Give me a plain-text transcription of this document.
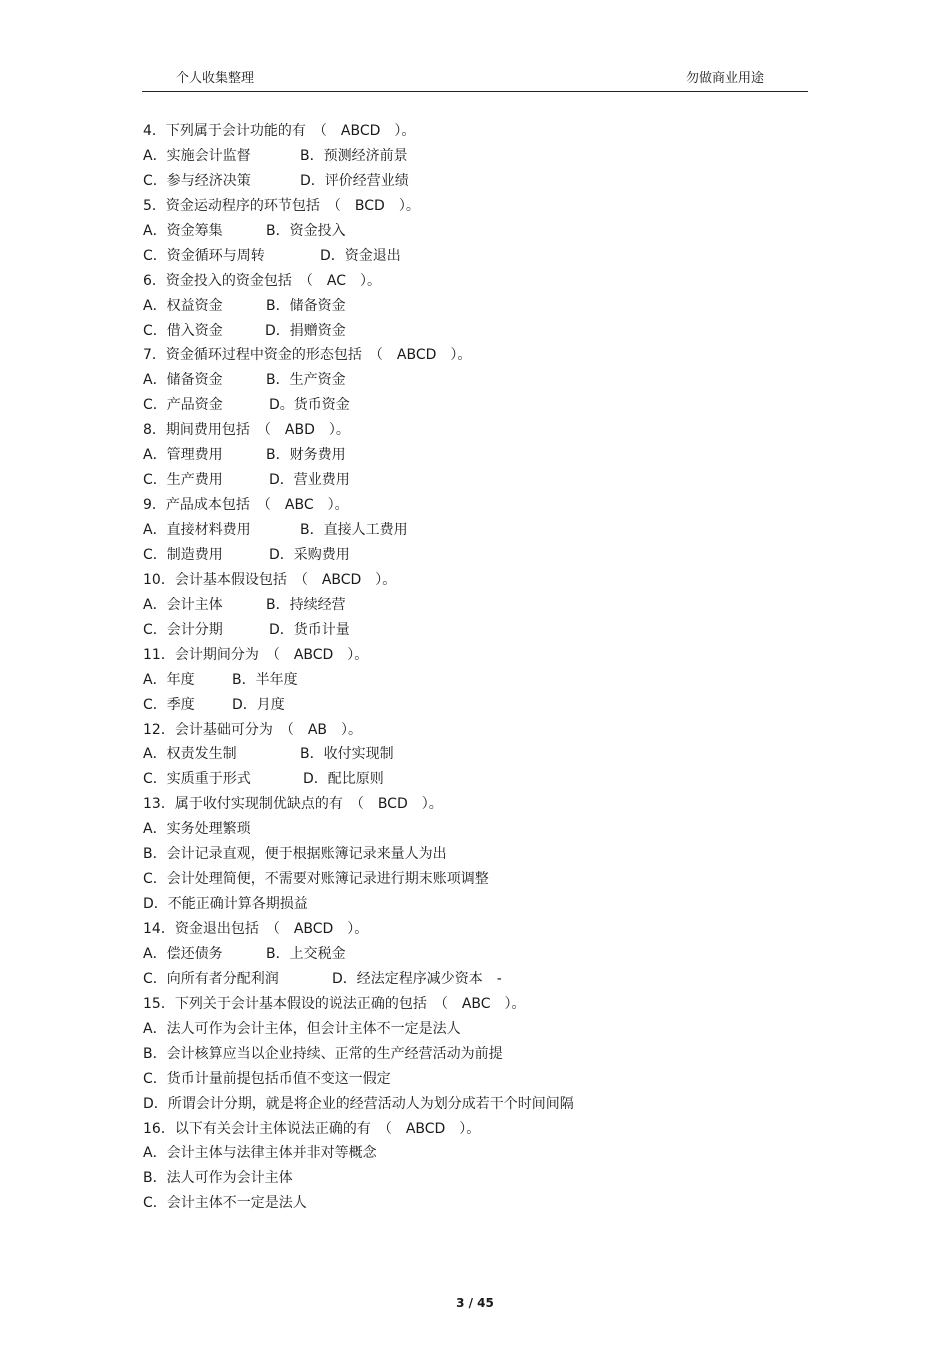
个人收集整理	勿做商业用途
4．下列属于会计功能的有　（　ABCD　）。
A．实施会计监督	B．预测经济前景
C．参与经济决策	D．评价经营业绩
5．资金运动程序的环节包括　（　BCD　）。
A．资金筹集	B．资金投入
C．资金循环与周转	D．资金退出
6．资金投入的资金包括　（　AC　）。
A．权益资金	B．储备资金
C．借入资金	D．捐赠资金
7．资金循环过程中资金的形态包括　（　ABCD　）。
A．储备资金	B．生产资金
C．产品资金	D。货币资金
8．期间费用包括　（　ABD　）。
A．管理费用	B．财务费用
C．生产费用	D．营业费用
9．产品成本包括　（　ABC　）。
A．直接材料费用	B．直接人工费用
C．制造费用	D．采购费用
10．会计基本假设包括　（　ABCD　）。
A．会计主体	B．持续经营
C．会计分期	D．货币计量
11．会计期间分为　（　ABCD　）。
A．年度	B．半年度
C．季度	D．月度
12．会计基础可分为　（　AB　）。
A．权责发生制	B．收付实现制
C．实质重于形式	D．配比原则
13．属于收付实现制优缺点的有　（　BCD　）。
A．实务处理繁琐
B．会计记录直观，便于根据账簿记录来量人为出
C．会计处理简便，不需要对账簿记录进行期末账项调整
D．不能正确计算各期损益
14．资金退出包括　（　ABCD　）。
A．偿还债务	B．上交税金
C．向所有者分配利润	D．经法定程序减少资本　-
15．下列关于会计基本假设的说法正确的包括　（　ABC　）。
A．法人可作为会计主体，但会计主体不一定是法人
B．会计核算应当以企业持续、正常的生产经营活动为前提
C．货币计量前提包括币值不变这一假定
D．所谓会计分期，就是将企业的经营活动人为划分成若干个时间间隔
16．以下有关会计主体说法正确的有　（　ABCD　）。
A．会计主体与法律主体并非对等概念
B．法人可作为会计主体
C．会计主体不一定是法人
3 / 45
